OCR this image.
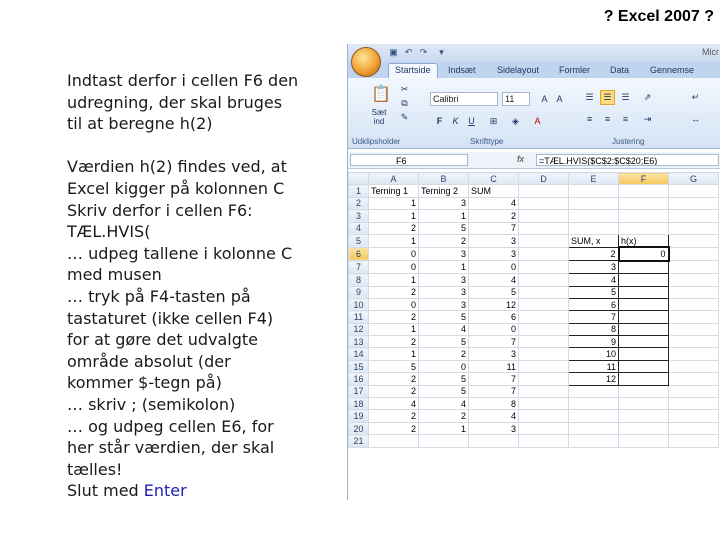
? Excel 2007 ?
Indtast derfor i cellen F6 den
udregning, der skal bruges
til at beregne h(2)
Værdien h(2) findes ved, at
Excel kigger på kolonnen C
Skriv derfor i cellen F6:
TÆL.HVIS(
… udpeg tallene i kolonne C
med musen
… tryk på F4-tasten på
tastaturet (ikke cellen F4)
for at gøre det udvalgte
område absolut (der
kommer $-tegn på)
… skriv ; (semikolon)
… og udpeg cellen E6, for
her står værdien, der skal
tælles!
Slut med Enter
▣ ↶ ↷	▾	Micr
Startside	Indsæt Sidelayout Formler Data Gennemse
📋	✂
⧉
✎
Sæt ind
Udklipsholder
Calibri	11	A A
F	K	U	⊞	◈	A
Skrifttype
☰	☰	☰	⇗
≡	≡	≡	⇥
↵
↔
Justering
F6	fx	=TÆL.HVIS($C$2:$C$20;E6)
	A	B	C	D	E	F	G
1	Terning 1	Terning 2	SUM				
2	1	3	4				
3	1	1	2				
4	2	5	7				
5	1	2	3		SUM, x	h(x)	
6	0	3	3		2	0	
7	0	1	0		3		
8	1	3	4		4		
9	2	3	5		5		
10	0	3	12		6		
11	2	5	6		7		
12	1	4	0		8		
13	2	5	7		9		
14	1	2	3		10		
15	5	0	11		11		
16	2	5	7		12		
17	2	5	7				
18	4	4	8				
19	2	2	4				
20	2	1	3				
21							
